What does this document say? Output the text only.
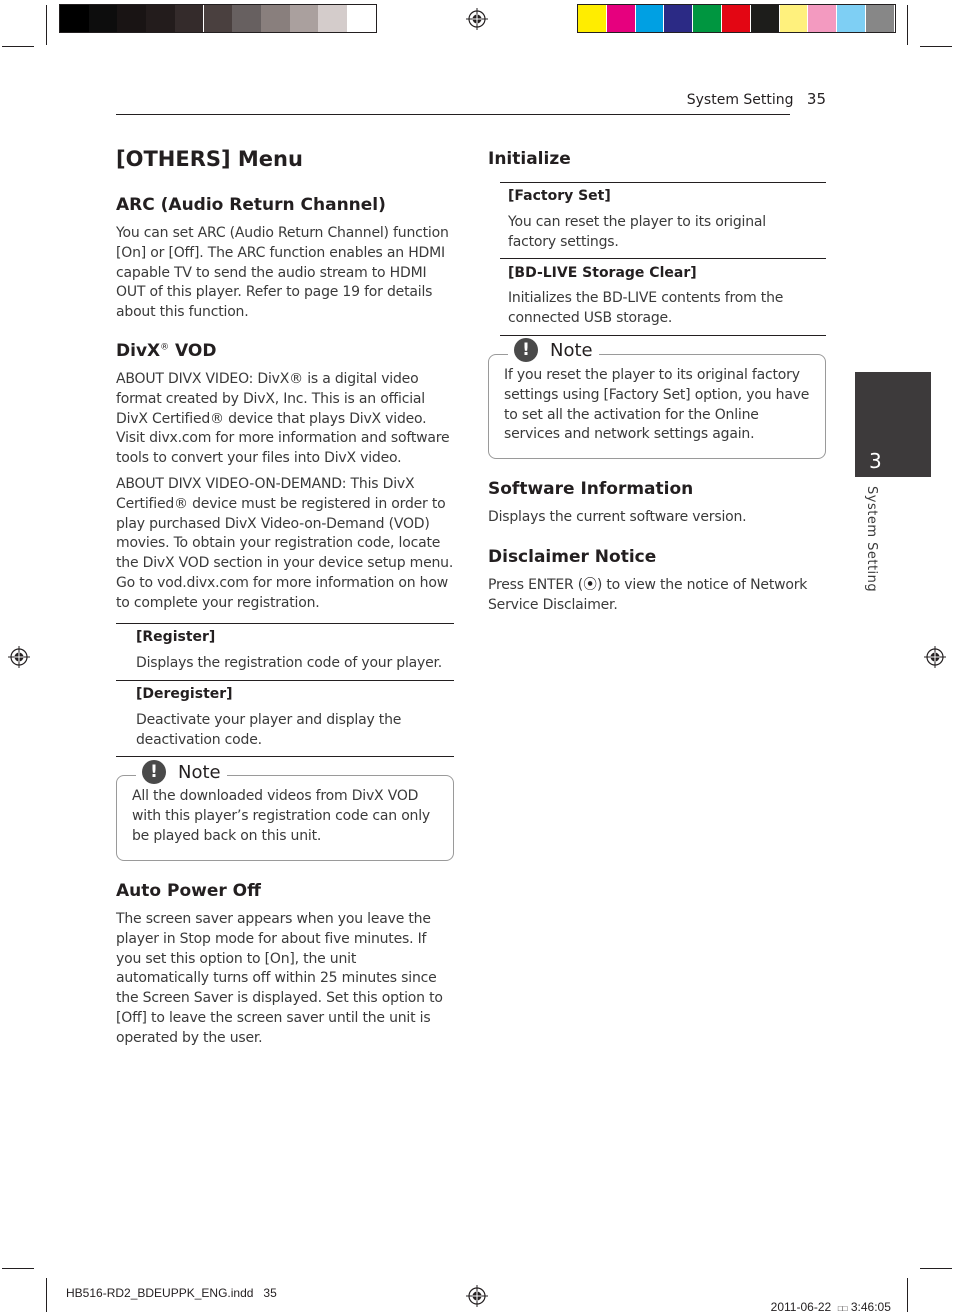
System Setting 35
[OTHERS] Menu
ARC (Audio Return Channel)
You can set ARC (Audio Return Channel) function [On] or [Off]. The ARC function enables an HDMI capable TV to send the audio stream to HDMI OUT of this player. Refer to page 19 for details about this function.
DivX® VOD
ABOUT DIVX VIDEO: DivX® is a digital video format created by DivX, Inc. This is an official DivX Certified® device that plays DivX video. Visit divx.com for more information and software tools to convert your files into DivX video.
ABOUT DIVX VIDEO-ON-DEMAND: This DivX Certified® device must be registered in order to play purchased DivX Video-on-Demand (VOD) movies. To obtain your registration code, locate the DivX VOD section in your device setup menu. Go to vod.divx.com for more information on how to complete your registration.
[Register]
Displays the registration code of your player.
[Deregister]
Deactivate your player and display the deactivation code.
!	Note
All the downloaded videos from DivX VOD with this player’s registration code can only be played back on this unit.
Auto Power Off
The screen saver appears when you leave the player in Stop mode for about five minutes. If you set this option to [On], the unit automatically turns off within 25 minutes since the Screen Saver is displayed. Set this option to [Off] to leave the screen saver until the unit is operated by the user.
Initialize
[Factory Set]
You can reset the player to its original factory settings.
[BD-LIVE Storage Clear]
Initializes the BD-LIVE contents from the connected USB storage.
!	Note
If you reset the player to its original factory settings using [Factory Set] option, you have to set all the activation for the Online services and network settings again.
Software Information
Displays the current software version.
Disclaimer Notice
Press ENTER (⦿) to view the notice of Network Service Disclaimer.
3
System Setting
HB516-RD2_BDEUPPK_ENG.indd   35

2011-06-22 □□ 3:46:05
